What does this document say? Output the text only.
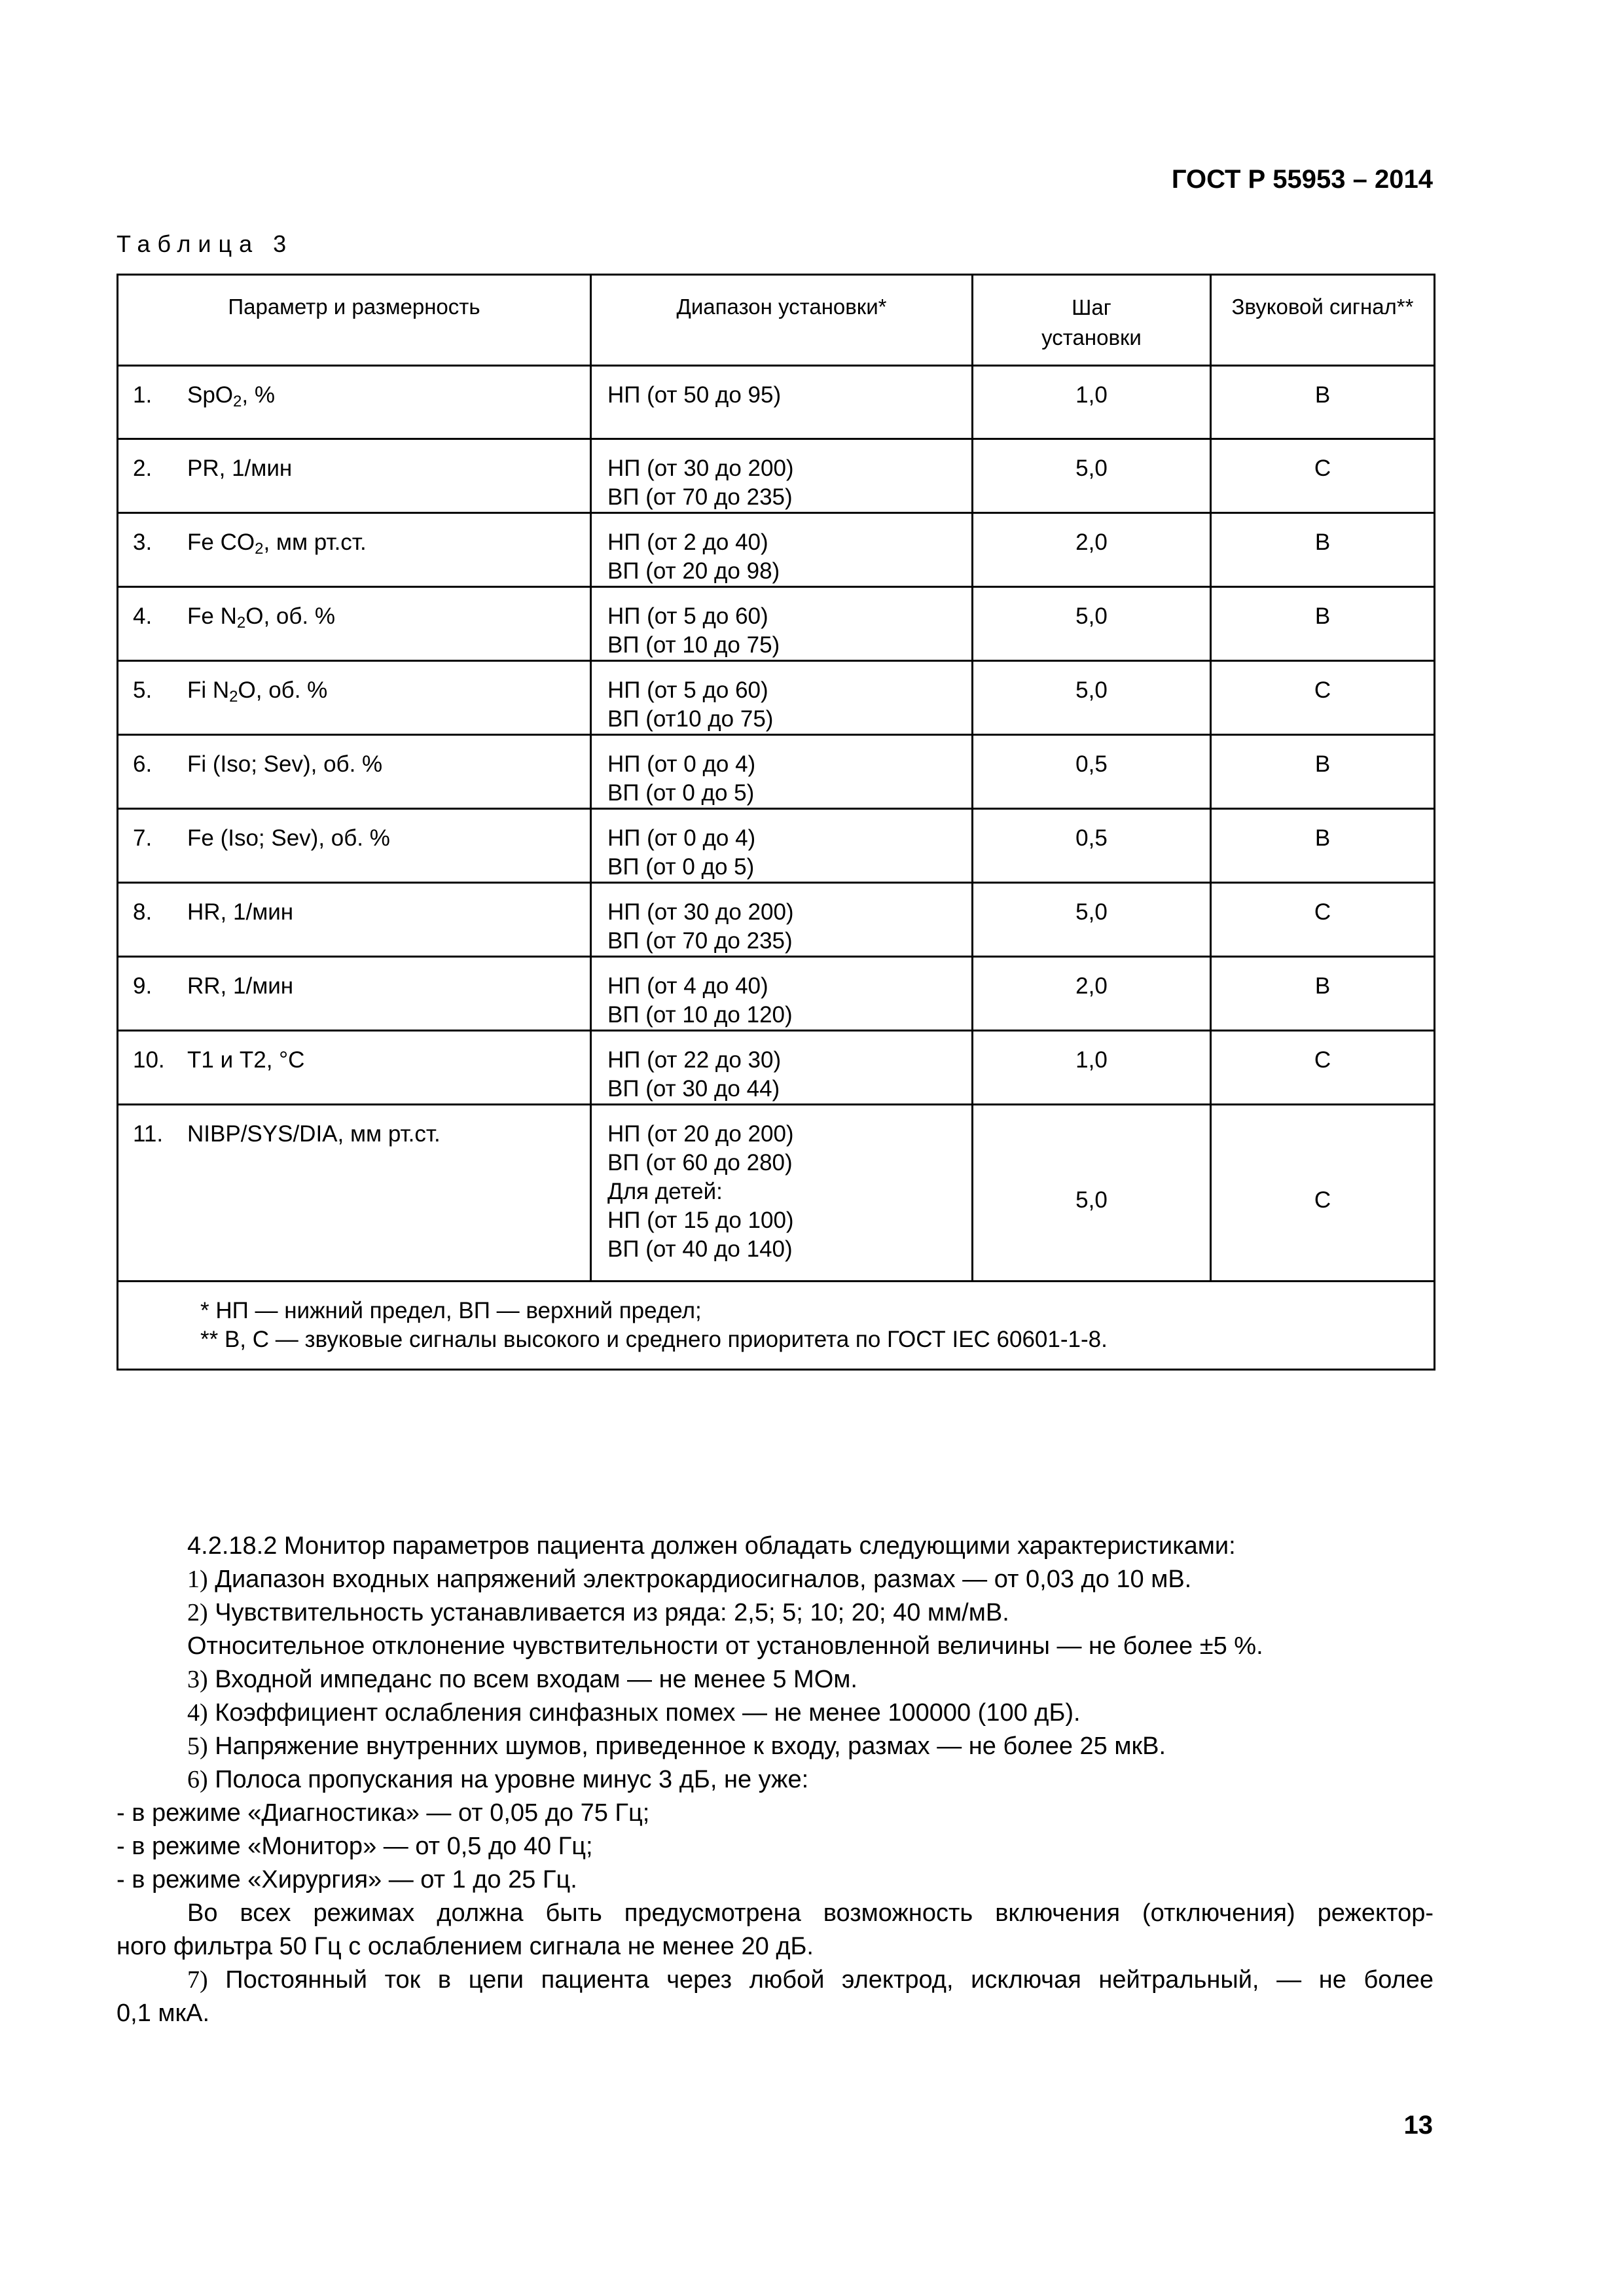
ГОСТ Р 55953 – 2014
Таблица 3
Параметр и размерность	Диапазон установки*	Шаг
установки	Звуковой сигнал**

1. SpO$_2$, %	НП (от 50 до 95)	1,0	В

2. PR, 1/мин	НП (от 30 до 200)
ВП (от 70 до 235)	5,0	С

3. Fe $CO_2$, мм рт.ст.	НП (от 2 до 40)
ВП (от 20 до 98)	2,0	В

4. Fe $N_2O$, об. %	НП (от 5 до 60)
ВП (от 10 до 75)	5,0	В

5. Fi $N_2O$, об. %	НП (от 5 до 60)
ВП (от10 до 75)	5,0	С

6. Fi (Iso; Sev), об. %	НП (от 0 до 4)
ВП (от 0 до 5)	0,5	В

7. Fe (Iso; Sev), об. %	НП (от 0 до 4)
ВП (от 0 до 5)	0,5	В

8. HR, 1/мин	НП (от 30 до 200)
ВП (от 70 до 235)	5,0	С

9. RR, 1/мин	НП (от 4 до 40)
ВП (от 10 до 120)	2,0	В

10. Т1 и Т2, °С	НП (от 22 до 30)
ВП (от 30 до 44)	1,0	С

11. NIBP/SYS/DIA, мм рт.ст.	НП (от 20 до 200)
ВП (от 60 до 280)
Для детей:
НП (от 15 до 100)
ВП (от 40 до 140)	5,0	С

* НП — нижний предел, ВП — верхний предел;
** В, С — звуковые сигналы высокого и среднего приоритета по ГОСТ IEC 60601-1-8.			
4.2.18.2 Монитор параметров пациента должен обладать следующими характеристиками:
1) Диапазон входных напряжений электрокардиосигналов, размах — от 0,03 до 10 мВ.
2) Чувствительность устанавливается из ряда: 2,5; 5; 10; 20; 40 мм/мВ.
Относительное отклонение чувствительности от установленной величины — не более ±5 %.
3) Входной импеданс по всем входам — не менее 5 МОм.
4) Коэффициент ослабления синфазных помех — не менее 100000 (100 дБ).
5) Напряжение внутренних шумов, приведенное к входу, размах — не более 25 мкВ.
6) Полоса пропускания на уровне минус 3 дБ, не уже:
- в режиме «Диагностика» — от 0,05 до 75 Гц;
- в режиме «Монитор» — от 0,5 до 40 Гц;
- в режиме «Хирургия» — от 1 до 25 Гц.
Во всех режимах должна быть предусмотрена возможность включения (отключения) режектор-
ного фильтра 50 Гц с ослаблением сигнала не менее 20 дБ.
7) Постоянный ток в цепи пациента через любой электрод, исключая нейтральный, — не более
0,1 мкА.
13
